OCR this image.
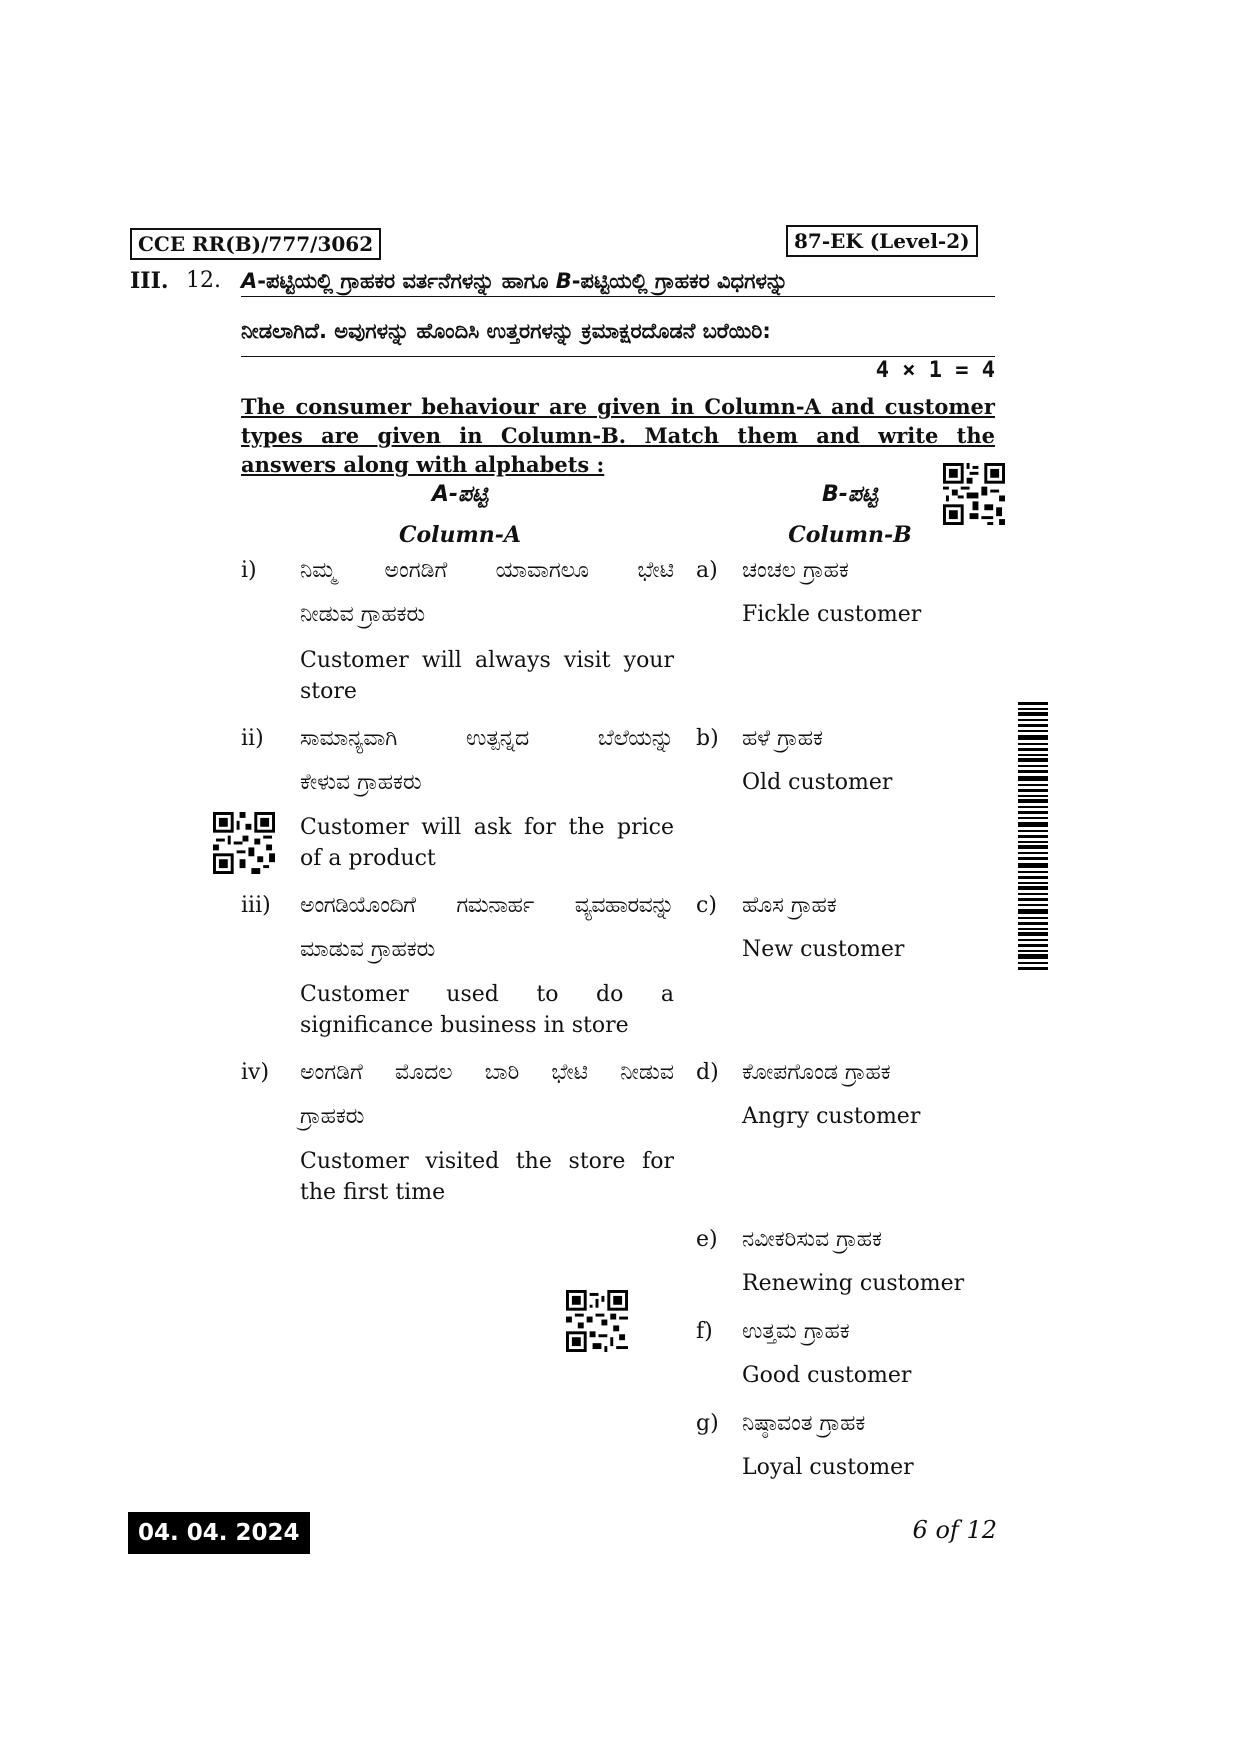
CCE RR(B)/777/3062	87-EK (Level-2)
III. 12. A-ಪಟ್ಟಿಯಲ್ಲಿ ಗ್ರಾಹಕರ ವರ್ತನೆಗಳನ್ನು ಹಾಗೂ B-ಪಟ್ಟಿಯಲ್ಲಿ ಗ್ರಾಹಕರ ವಿಧಗಳನ್ನು
ನೀಡಲಾಗಿದೆ. ಅವುಗಳನ್ನು ಹೊಂದಿಸಿ ಉತ್ತರಗಳನ್ನು ಕ್ರಮಾಕ್ಷರದೊಡನೆ ಬರೆಯಿರಿ:
4 × 1 = 4
The consumer behaviour are given in Column-A and customer
types are given in Column-B. Match them and write the
answers along with alphabets :
A-ಪಟ್ಟಿ
Column-A
B-ಪಟ್ಟಿ
Column-B
i) ನಿಮ್ಮ ಅಂಗಡಿಗೆ ಯಾವಾಗಲೂ ಭೇಟಿ
ನೀಡುವ ಗ್ರಾಹಕರು
Customer will always visit your
store
ii) ಸಾಮಾನ್ಯವಾಗಿ ಉತ್ಪನ್ನದ ಬೆಲೆಯನ್ನು
ಕೇಳುವ ಗ್ರಾಹಕರು
Customer will ask for the price
of a product
iii) ಅಂಗಡಿಯೊಂದಿಗೆ ಗಮನಾರ್ಹ ವ್ಯವಹಾರವನ್ನು
ಮಾಡುವ ಗ್ರಾಹಕರು
Customer used to do a
significance business in store
iv) ಅಂಗಡಿಗೆ ಮೊದಲ ಬಾರಿ ಭೇಟಿ ನೀಡುವ
ಗ್ರಾಹಕರು
Customer visited the store for
the first time
a) ಚಂಚಲ ಗ್ರಾಹಕ
Fickle customer
b) ಹಳೆ ಗ್ರಾಹಕ
Old customer
c) ಹೊಸ ಗ್ರಾಹಕ
New customer
d) ಕೋಪಗೊಂಡ ಗ್ರಾಹಕ
Angry customer
e) ನವೀಕರಿಸುವ ಗ್ರಾಹಕ
Renewing customer
f) ಉತ್ತಮ ಗ್ರಾಹಕ
Good customer
g) ನಿಷ್ಠಾವಂತ ಗ್ರಾಹಕ
Loyal customer
04. 04. 2024	6 of 12
